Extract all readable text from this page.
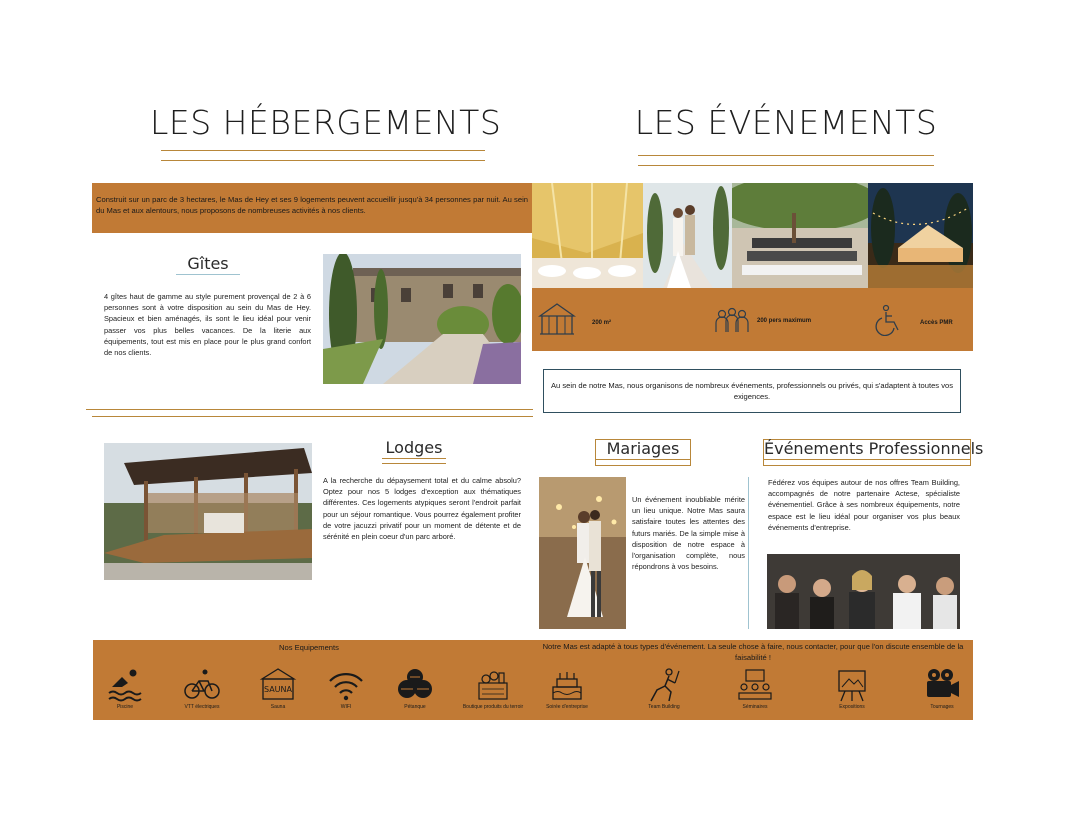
LES HÉBERGEMENTS
Construit sur un parc de 3 hectares, le Mas de Hey et ses 9 logements peuvent accueillir jusqu'à 34 personnes par nuit. Au sein du Mas et aux alentours, nous proposons de nombreuses activités à nos clients.
Gîtes
4 gîtes haut de gamme au style purement provençal de 2 à 6 personnes sont à votre disposition au sein du Mas de Hey. Spacieux et bien aménagés, ils sont le lieu idéal pour venir passer vos plus belles vacances. De la literie aux équipements, tout est mis en place pour le plus grand confort de nos clients.
Lodges
A la recherche du dépaysement total et du calme absolu? Optez pour nos 5 lodges d'exception aux thématiques différentes. Ces logements atypiques seront l'endroit parfait pour un séjour romantique. Vous pourrez également profiter de votre jacuzzi privatif pour un moment de détente et de sérénité en plein coeur d'un parc arboré.
LES ÉVÉNEMENTS
200 m²	200 pers maximum	Accès PMR
Au sein de notre Mas, nous organisons de nombreux événements, professionnels ou privés, qui s'adaptent à toutes vos exigences.
Mariages
Un événement inoubliable mérite un lieu unique. Notre Mas saura satisfaire toutes les attentes des futurs mariés. De la simple mise à disposition de notre espace à l'organisation complète, nous répondrons à vos besoins.
Événements Professionnels
Fédérez vos équipes autour de nos offres Team Building, accompagnés de notre partenaire Actese, spécialiste événementiel. Grâce à ses nombreux équipements, notre espace est le lieu idéal pour organiser vos plus beaux événements d'entreprise.
Nos Equipements	Notre Mas est adapté à tous types d'événement. La seule chose à faire, nous contacter, pour que l'on discute ensemble de la faisabilité !
Piscine	VTT électriques
SAUNA
Sauna	WIFI	Pétanque	Boutique produits du terroir	Soirée d'entreprise	Team Building	Séminaires	Expositions	Tournages
